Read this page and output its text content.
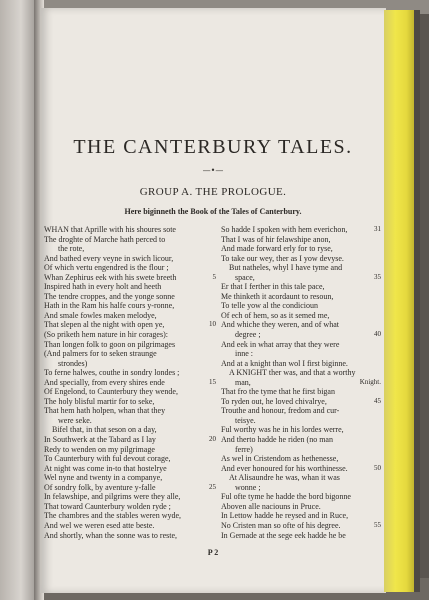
THE CANTERBURY TALES.
—•—
GROUP A. THE PROLOGUE.
Here biginneth the Book of the Tales of Canterbury.
WHAN that Aprille with his shoures sote
The droghte of Marche hath perced to
the rote,
And bathed every veyne in swich licour,
Of which vertu engendred is the flour ;
Whan Zephirus eek with his swete breeth	5
Inspired hath in every holt and heeth
The tendre croppes, and the yonge sonne
Hath in the Ram his halfe cours y-ronne,
And smale fowles maken melodye,
That slepen al the night with open ye,	10
(So priketh hem nature in hir corages):
Than longen folk to goon on pilgrimages
(And palmers for to seken straunge
strondes)
To ferne halwes, couthe in sondry londes ;
And specially, from every shires ende	15
Of Engelond, to Caunterbury they wende,
The holy blisful martir for to seke,
That hem hath holpen, whan that they
were seke.
Bifel that, in that seson on a day,
In Southwerk at the Tabard as I lay	20
Redy to wenden on my pilgrimage
To Caunterbury with ful devout corage,
At night was come in-to that hostelrye
Wel nyne and twenty in a companye,
Of sondry folk, by aventure y-falle	25
In felawshipe, and pilgrims were they alle,
That toward Caunterbury wolden ryde ;
The chambres and the stables weren wyde,
And wel we weren esed atte beste.
And shortly, whan the sonne was to reste,
So hadde I spoken with hem everichon,	31
That I was of hir felawshipe anon,
And made forward erly for to ryse,
To take our wey, ther as I yow devyse.
But natheles, whyl I have tyme and
space,	35
Er that I ferther in this tale pace,
Me thinketh it acordaunt to resoun,
To telle yow al the condicioun
Of ech of hem, so as it semed me,
And whiche they weren, and of what
degree ;	40
And eek in what array that they were
inne :
And at a knight than wol I first biginne.
A KNIGHT ther was, and that a worthy
man,	Knight.
That fro the tyme that he first bigan
To ryden out, he loved chivalrye,	45
Trouthe and honour, fredom and cur-
teisye.
Ful worthy was he in his lordes werre,
And therto hadde he riden (no man
ferre)
As wel in Cristendom as hethenesse,
And ever honoured for his worthinesse.	50
At Alisaundre he was, whan it was
wonne ;
Ful ofte tyme he hadde the bord bigonne
Aboven alle naciouns in Pruce.
In Lettow hadde he reysed and in Ruce,
No Cristen man so ofte of his degree.	55
In Gernade at the sege eek hadde he be
P 2
